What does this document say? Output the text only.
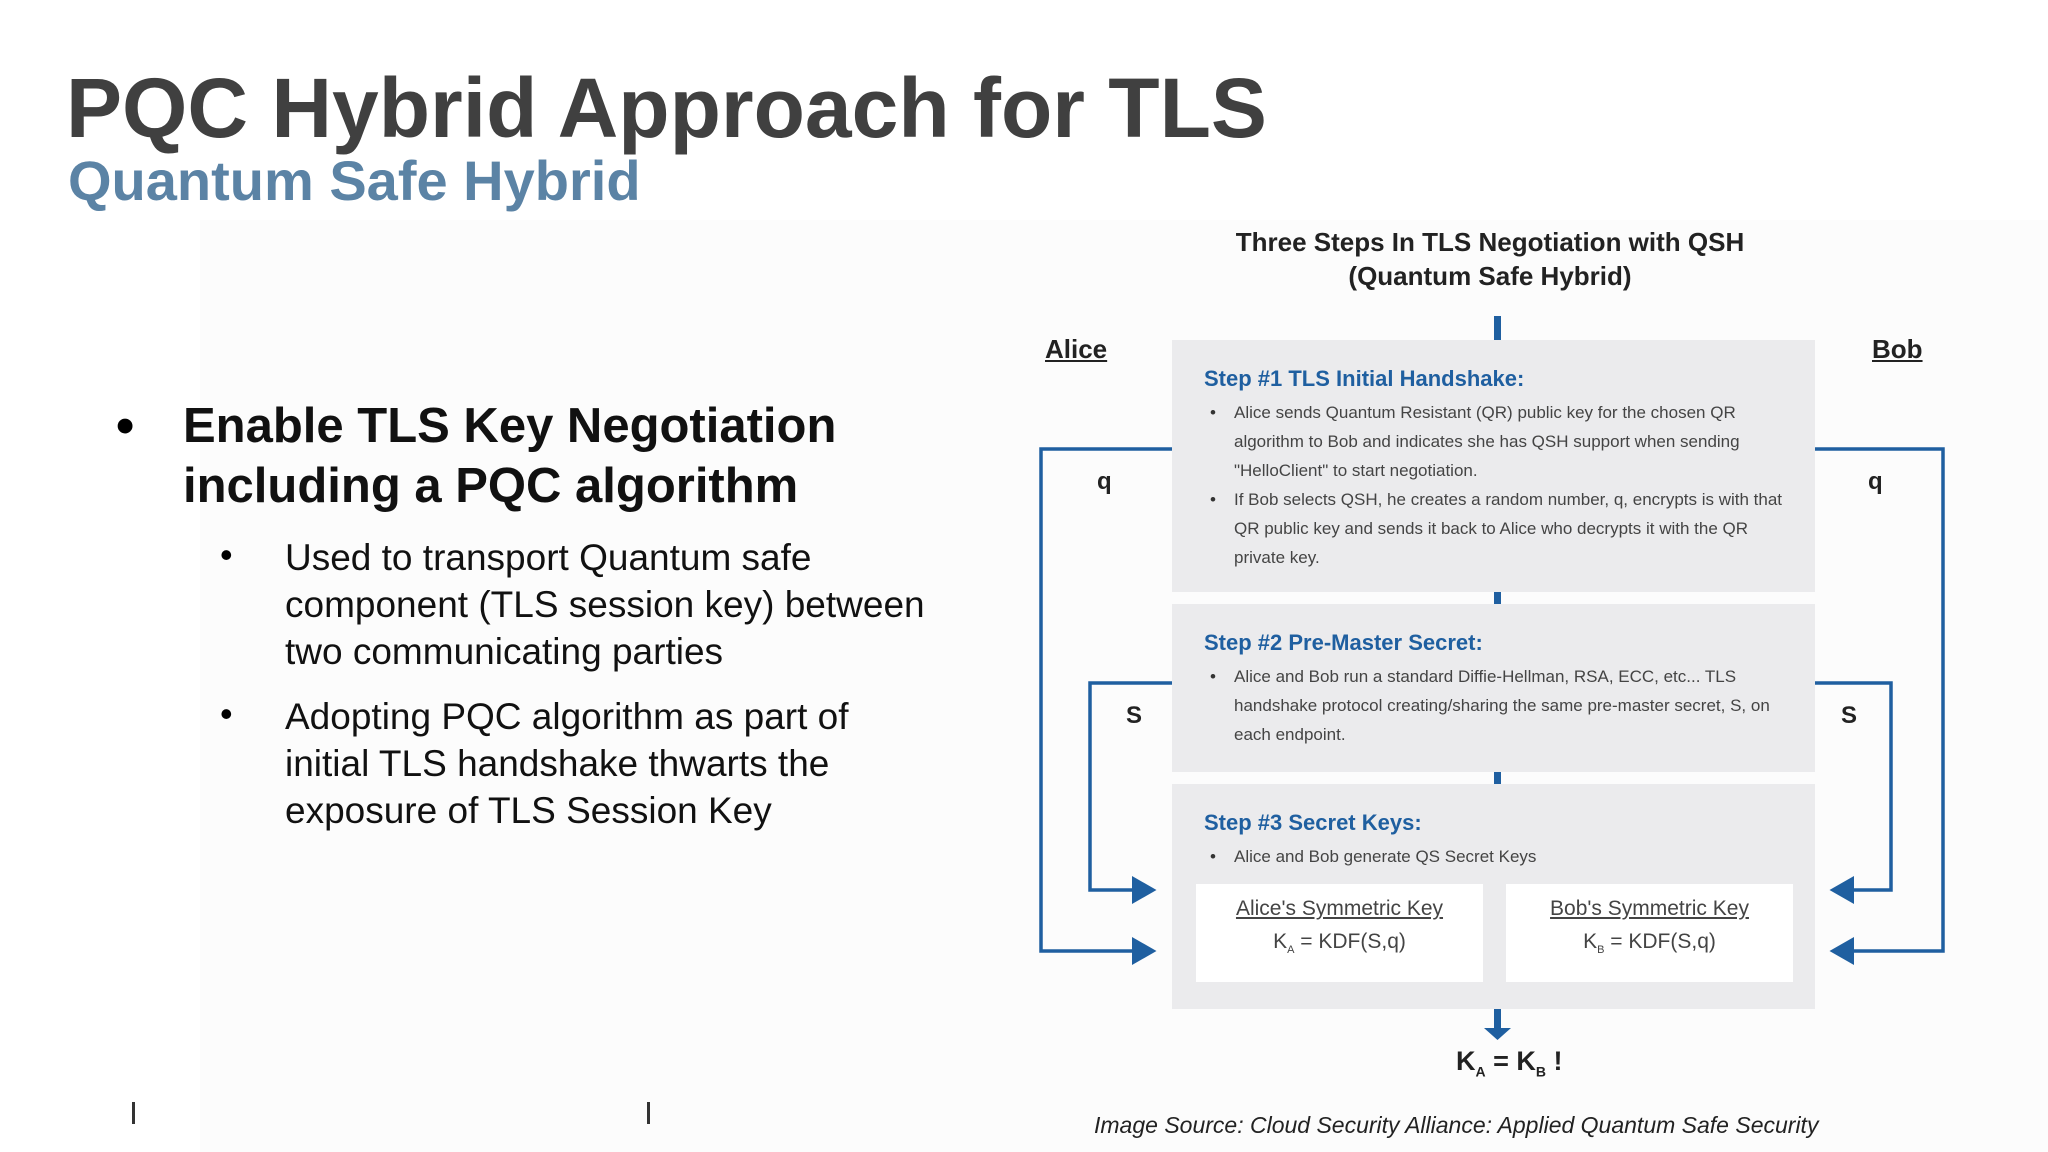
PQC Hybrid Approach for TLS
Quantum Safe Hybrid
• Enable TLS Key Negotiation including a PQC algorithm
• Used to transport Quantum safe component (TLS session key) between two communicating parties
• Adopting PQC algorithm as part of initial TLS handshake thwarts the exposure of TLS Session Key
Three Steps In TLS Negotiation with QSH
(Quantum Safe Hybrid)
Alice	Bob
q	q
S	S
Step #1 TLS Initial Handshake:
• Alice sends Quantum Resistant (QR) public key for the chosen QR algorithm to Bob and indicates she has QSH support when sending "HelloClient" to start negotiation.
• If Bob selects QSH, he creates a random number, q, encrypts is with that QR public key and sends it back to Alice who decrypts it with the QR private key.
Step #2 Pre-Master Secret:
• Alice and Bob run a standard Diffie-Hellman, RSA, ECC, etc... TLS handshake protocol creating/sharing the same pre-master secret, S, on each endpoint.
Step #3 Secret Keys:
• Alice and Bob generate QS Secret Keys
Alice's Symmetric Key
$K_A = KDF(S,q)$
Bob's Symmetric Key
$K_B = KDF(S,q)$
$K_A = K_B$ !
Image Source: Cloud Security Alliance: Applied Quantum Safe Security
